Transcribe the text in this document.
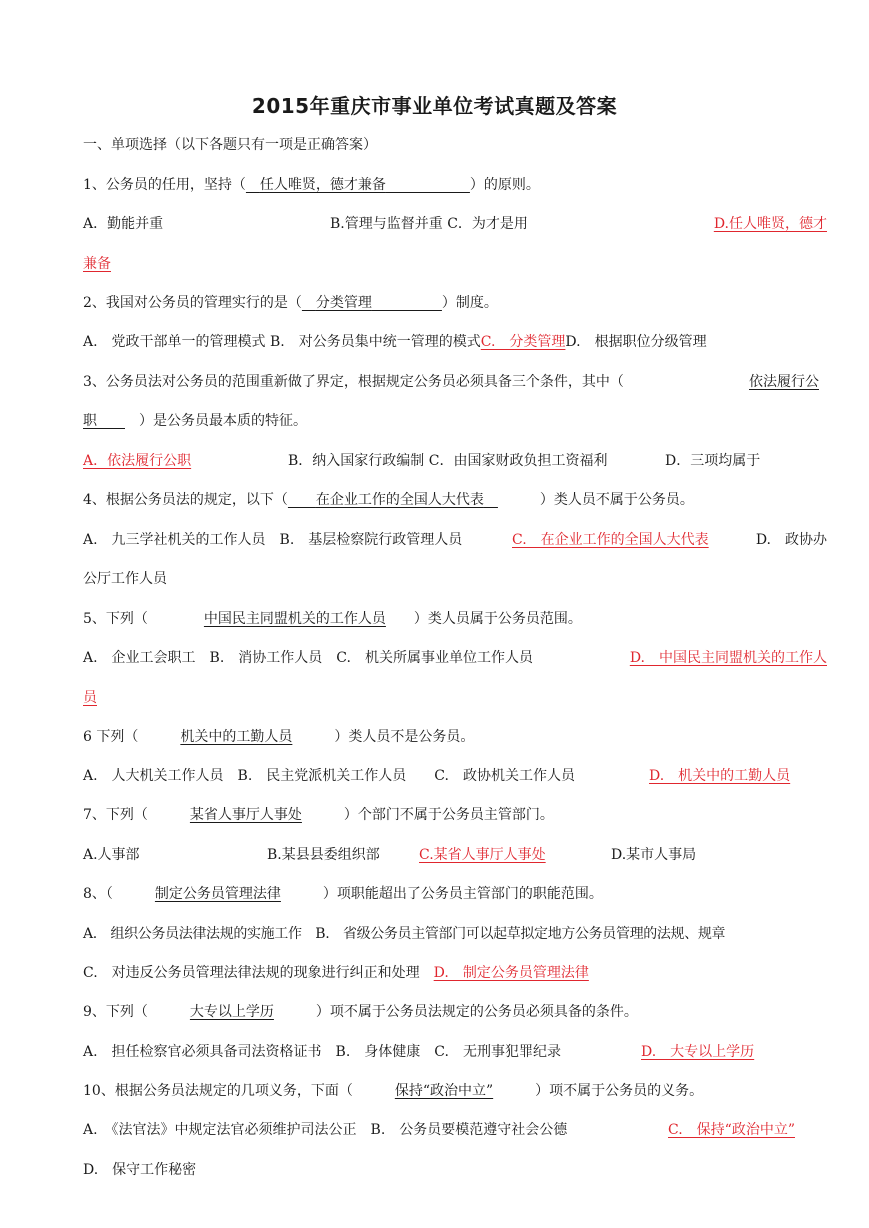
2015年重庆市事业单位考试真题及答案
一、单项选择（以下各题只有一项是正确答案）
1、公务员的任用，坚持（　 任人唯贤，德才兼备　　　　　　	）的原则。
A．勤能并重	B.管理与监督并重 C．为才是用	D.任人唯贤，德才
兼备
2、我国对公务员的管理实行的是（　 分类管理　　　　　	）制度。
A.　党政干部单一的管理模式 B.　对公务员集中统一管理的模式C.　分类管理D.　根据职位分级管理
3、公务员法对公务员的范围重新做了界定，根据规定公务员必须具备三个条件，其中（	依法履行公
职　　　	）是公务员最本质的特征。
A．依法履行公职	B．纳入国家行政编制 C．由国家财政负担工资福利	D．三项均属于
4、根据公务员法的规定，以下（　　 在企业工作的全国人大代表　　　　	）类人员不属于公务员。
A.　九三学社机关的工作人员　B.　基层检察院行政管理人员	C.　在企业工作的全国人大代表	D.　政协办
公厅工作人员
5、下列（　　　　	中国民主同盟机关的工作人员　　 ）类人员属于公务员范围。
A.　企业工会职工　B.　消协工作人员　C.　机关所属事业单位工作人员	D.　中国民主同盟机关的工作人
员
6 下列（　　　	机关中的工勤人员　　　	）类人员不是公务员。
A.　人大机关工作人员　B.　民主党派机关工作人员　　C.　政协机关工作人员	D.　机关中的工勤人员
7、下列（　　　	某省人事厅人事处　　　	）个部门不属于公务员主管部门。
A.人事部	B.某县县委组织部	C.某省人事厅人事处	D.某市人事局
8、（　　　	制定公务员管理法律　　　	）项职能超出了公务员主管部门的职能范围。
A.　组织公务员法律法规的实施工作　B.　省级公务员主管部门可以起草拟定地方公务员管理的法规、规章
C.　对违反公务员管理法律法规的现象进行纠正和处理　 D.　制定公务员管理法律
9、下列（　　　	大专以上学历　　　	）项不属于公务员法规定的公务员必须具备的条件。
A.　担任检察官必须具备司法资格证书　B.　身体健康　C.　无刑事犯罪纪录	D.　大专以上学历
10、根据公务员法规定的几项义务，下面（　　　	保持“政治中立”　　　	）项不属于公务员的义务。
A.　《法官法》中规定法官必须维护司法公正　B.　公务员要模范遵守社会公德	C.　保持“政治中立”
D.　保守工作秘密
